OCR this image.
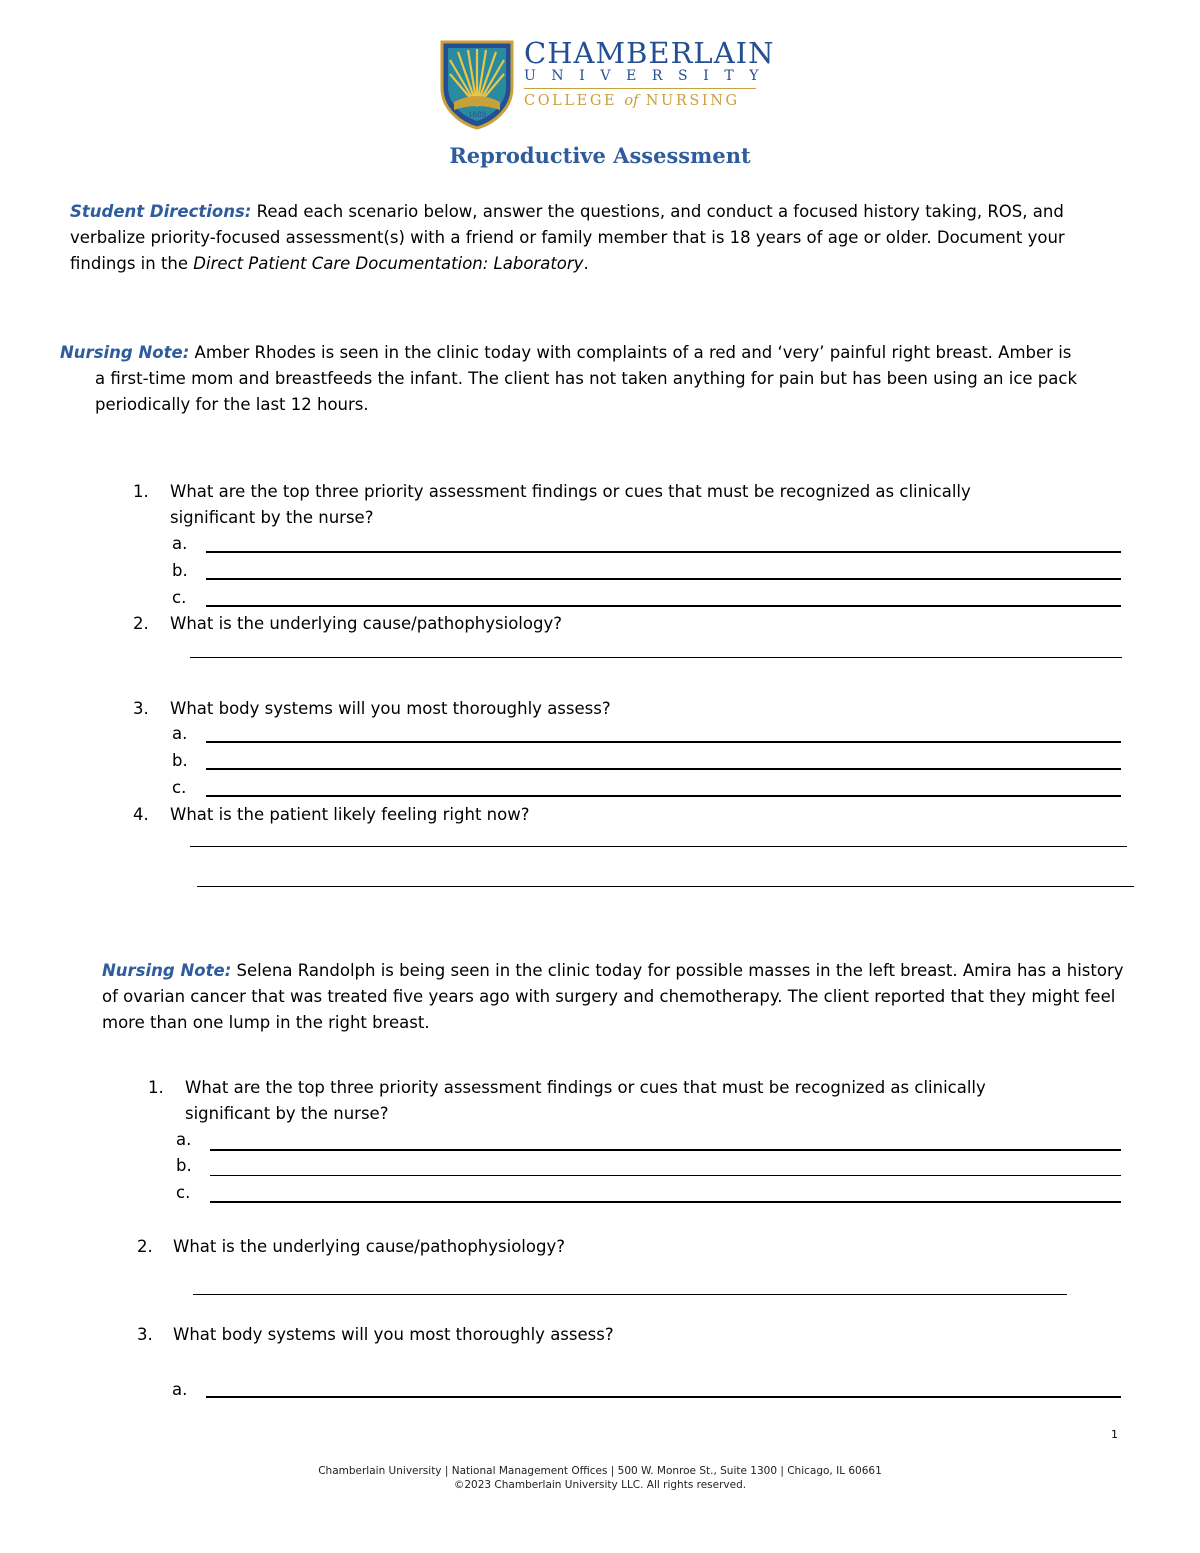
1889
CHAMBERLAIN
UNIVERSITY
COLLEGE of NURSING
Reproductive Assessment
Student Directions: Read each scenario below, answer the questions, and conduct a focused history taking, ROS, and verbalize priority-focused assessment(s) with a friend or family member that is 18 years of age or older. Document your findings in the Direct Patient Care Documentation: Laboratory.
Nursing Note: Amber Rhodes is seen in the clinic today with complaints of a red and ‘very’ painful right breast. Amber is
a first-time mom and breastfeeds the infant. The client has not taken anything for pain but has been using an ice pack periodically for the last 12 hours.
1. What are the top three priority assessment findings or cues that must be recognized as clinically significant by the nurse?
a.
b.
c.
2. What is the underlying cause/pathophysiology?
3. What body systems will you most thoroughly assess?
a.
b.
c.
4. What is the patient likely feeling right now?
Nursing Note: Selena Randolph is being seen in the clinic today for possible masses in the left breast. Amira has a history of ovarian cancer that was treated five years ago with surgery and chemotherapy. The client reported that they might feel more than one lump in the right breast.
1. What are the top three priority assessment findings or cues that must be recognized as clinically significant by the nurse?
a.
b.
c.
2. What is the underlying cause/pathophysiology?
3. What body systems will you most thoroughly assess?
a.
1
Chamberlain University | National Management Offices | 500 W. Monroe St., Suite 1300 | Chicago, IL 60661
©2023 Chamberlain University LLC. All rights reserved.
